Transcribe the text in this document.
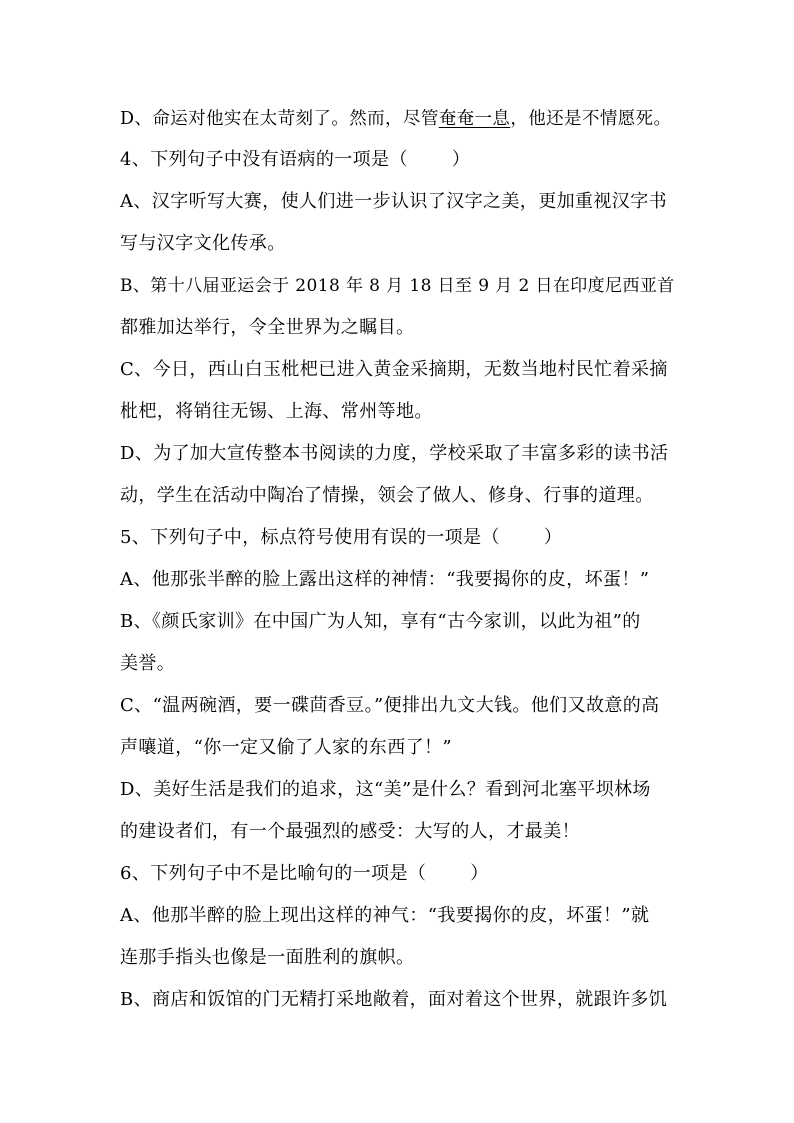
D、命运对他实在太苛刻了。然而，尽管奄奄一息，他还是不情愿死。
4、下列句子中没有语病的一项是（ ）
A、汉字听写大赛，使人们进一步认识了汉字之美，更加重视汉字书
写与汉字文化传承。
B、第十八届亚运会于 2018 年 8 月 18 日至 9 月 2 日在印度尼西亚首
都雅加达举行，令全世界为之瞩目。
C、今日，西山白玉枇杷已进入黄金采摘期，无数当地村民忙着采摘
枇杷，将销往无锡、上海、常州等地。
D、为了加大宣传整本书阅读的力度，学校采取了丰富多彩的读书活
动，学生在活动中陶冶了情操，领会了做人、修身、行事的道理。
5、下列句子中，标点符号使用有误的一项是（ ）
A、他那张半醉的脸上露出这样的神情：“我要揭你的皮，坏蛋！”
B、《颜氏家训》在中国广为人知，享有“古今家训，以此为祖”的
美誉。
C、“温两碗酒，要一碟茴香豆。”便排出九文大钱。他们又故意的高
声嚷道，“你一定又偷了人家的东西了！”
D、美好生活是我们的追求，这“美”是什么？看到河北塞平坝林场
的建设者们，有一个最强烈的感受：大写的人，才最美！
6、下列句子中不是比喻句的一项是（ ）
A、他那半醉的脸上现出这样的神气：“我要揭你的皮，坏蛋！”就
连那手指头也像是一面胜利的旗帜。
B、商店和饭馆的门无精打采地敞着，面对着这个世界，就跟许多饥
